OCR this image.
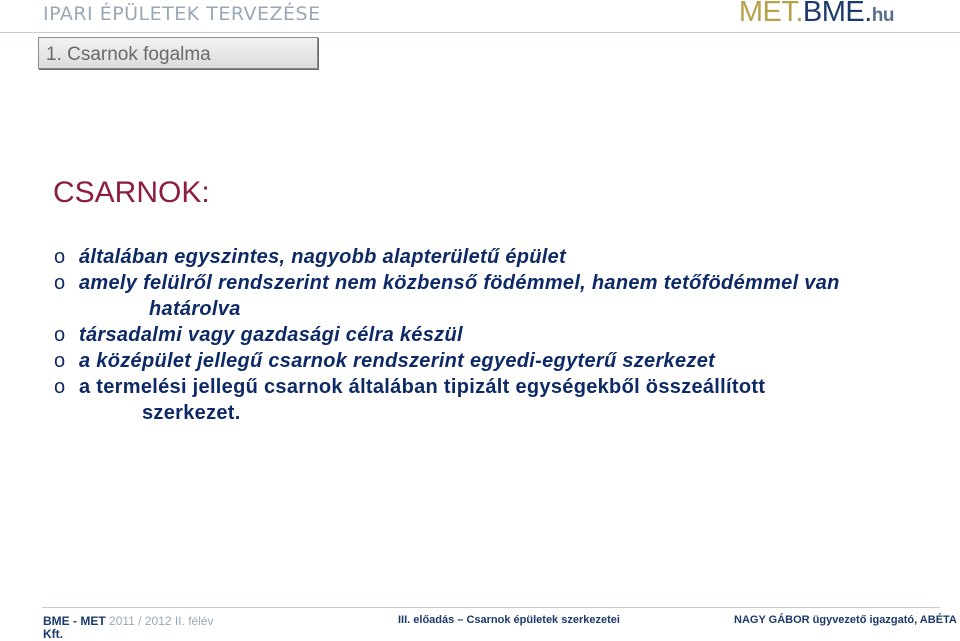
IPARI ÉPÜLETEK TERVEZÉSE	MET.BME.hu
1. Csarnok fogalma
CSARNOK:
o általában egyszintes, nagyobb alapterületű épület
o amely felülről rendszerint nem közbenső födémmel, hanem tetőfödémmel van
határolva
o társadalmi vagy gazdasági célra készül
o a középület jellegű csarnok rendszerint egyedi-egyterű szerkezet
o a termelési jellegű csarnok általában tipizált egységekből összeállított
szerkezet.
BME - MET 2011 / 2012 II. félév
Kft.
III. előadás – Csarnok épületek szerkezetei	NAGY GÁBOR ügyvezető igazgató, ABÉTA
